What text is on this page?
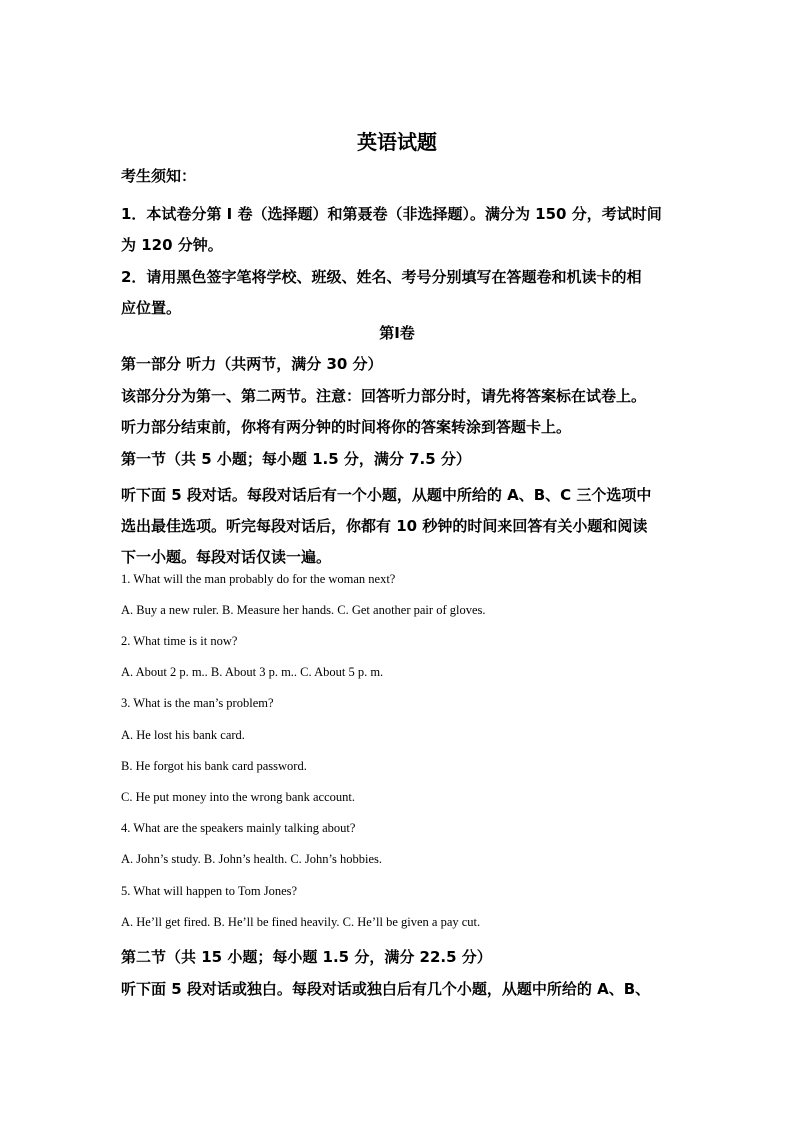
英语试题
考生须知：
1．本试卷分第 I 卷（选择题）和第聂卷（非选择题）。满分为 150 分，考试时间
为 120 分钟。
2．请用黑色签字笔将学校、班级、姓名、考号分别填写在答题卷和机读卡的相
应位置。
第I卷
第一部分 听力（共两节，满分 30 分）
该部分分为第一、第二两节。注意：回答听力部分时，请先将答案标在试卷上。
听力部分结束前，你将有两分钟的时间将你的答案转涂到答题卡上。
第一节（共 5 小题；每小题 1.5 分，满分 7.5 分）
听下面 5 段对话。每段对话后有一个小题，从题中所给的 A、B、C 三个选项中
选出最佳选项。听完每段对话后，你都有 10 秒钟的时间来回答有关小题和阅读
下一小题。每段对话仅读一遍。
1. What will the man probably do for the woman next?
A. Buy a new ruler. B. Measure her hands. C. Get another pair of gloves.
2. What time is it now?
A. About 2 p. m.. B. About 3 p. m.. C. About 5 p. m.
3. What is the man’s problem?
A. He lost his bank card.
B. He forgot his bank card password.
C. He put money into the wrong bank account.
4. What are the speakers mainly talking about?
A. John’s study. B. John’s health. C. John’s hobbies.
5. What will happen to Tom Jones?
A. He’ll get fired. B. He’ll be fined heavily. C. He’ll be given a pay cut.
第二节（共 15 小题；每小题 1.5 分，满分 22.5 分）
听下面 5 段对话或独白。每段对话或独白后有几个小题，从题中所给的 A、B、
